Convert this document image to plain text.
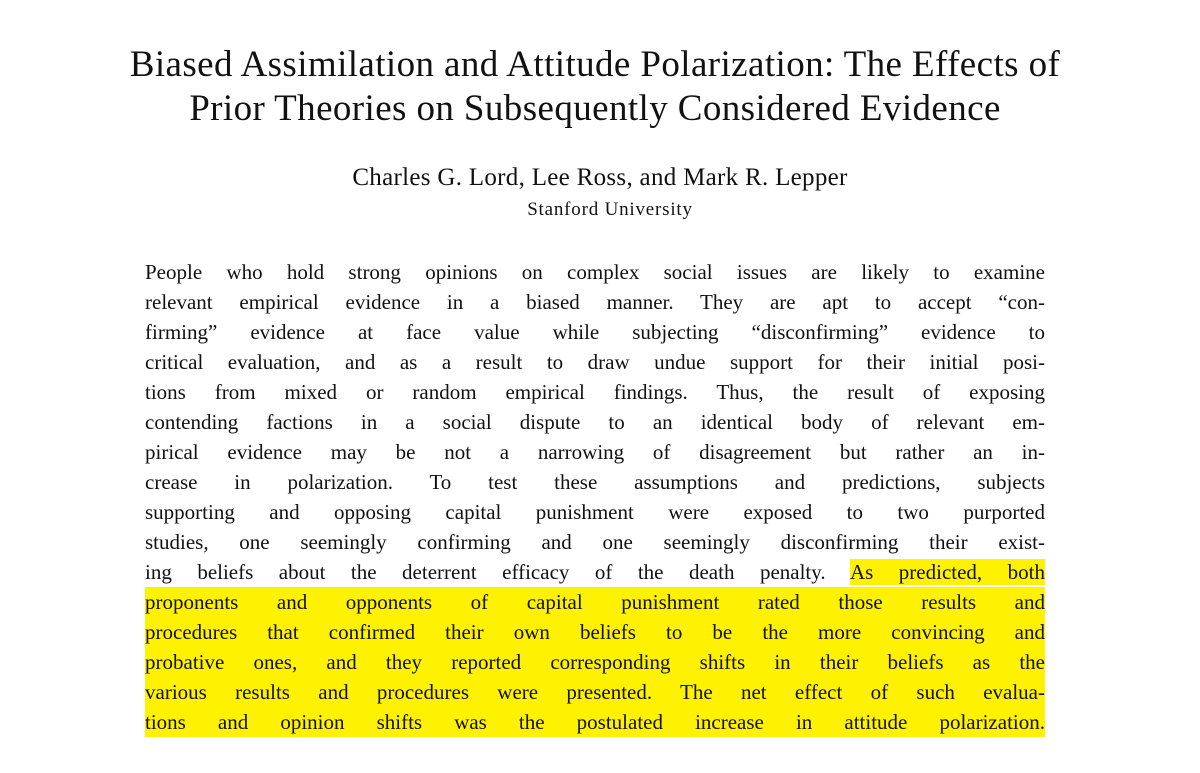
Biased Assimilation and Attitude Polarization: The Effects of
Prior Theories on Subsequently Considered Evidence
Charles G. Lord, Lee Ross, and Mark R. Lepper
Stanford University
People who hold strong opinions on complex social issues are likely to examine
relevant empirical evidence in a biased manner. They are apt to accept “con-
firming” evidence at face value while subjecting “disconfirming” evidence to
critical evaluation, and as a result to draw undue support for their initial posi-
tions from mixed or random empirical findings. Thus, the result of exposing
contending factions in a social dispute to an identical body of relevant em-
pirical evidence may be not a narrowing of disagreement but rather an in-
crease in polarization. To test these assumptions and predictions, subjects
supporting and opposing capital punishment were exposed to two purported
studies, one seemingly confirming and one seemingly disconfirming their exist-
ing beliefs about the deterrent efficacy of the death penalty. As predicted, both
proponents and opponents of capital punishment rated those results and
procedures that confirmed their own beliefs to be the more convincing and
probative ones, and they reported corresponding shifts in their beliefs as the
various results and procedures were presented. The net effect of such evalua-
tions and opinion shifts was the postulated increase in attitude polarization.
